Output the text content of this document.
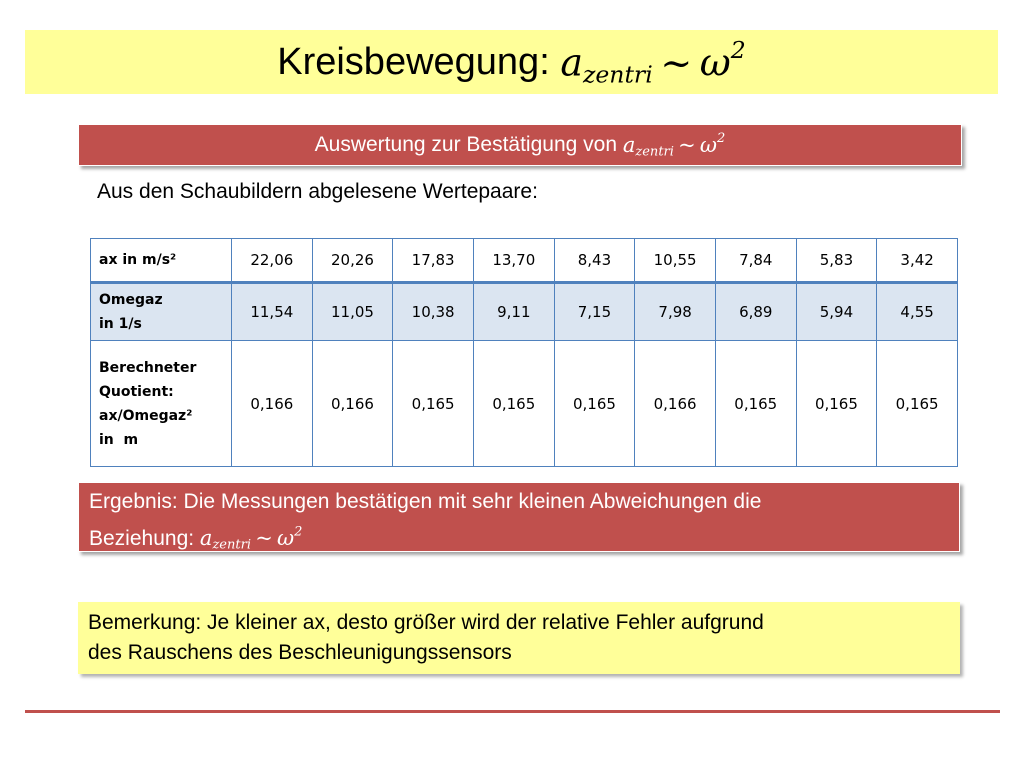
Kreisbewegung: $a_{zentri}$ ~ $\omega^2$
Auswertung zur Bestätigung von $a_{zentri}$ ~ $\omega^2$
Aus den Schaubildern abgelesene Wertepaare:
ax in m/s²	22,06	20,26	17,83	13,70	8,43	10,55	7,84	5,83	3,42

Omegaz
in 1/s	11,54	11,05	10,38	9,11	7,15	7,98	6,89	5,94	4,55

Berechneter
Quotient:
ax/Omegaz²
in  m	0,166	0,166	0,165	0,165	0,165	0,166	0,165	0,165	0,165
Ergebnis: Die Messungen bestätigen mit sehr kleinen Abweichungen die
Beziehung: $a_{zentri}$ ~ $\omega^2$
Bemerkung: Je kleiner ax, desto größer wird der relative Fehler aufgrund
des Rauschens des Beschleunigungssensors
